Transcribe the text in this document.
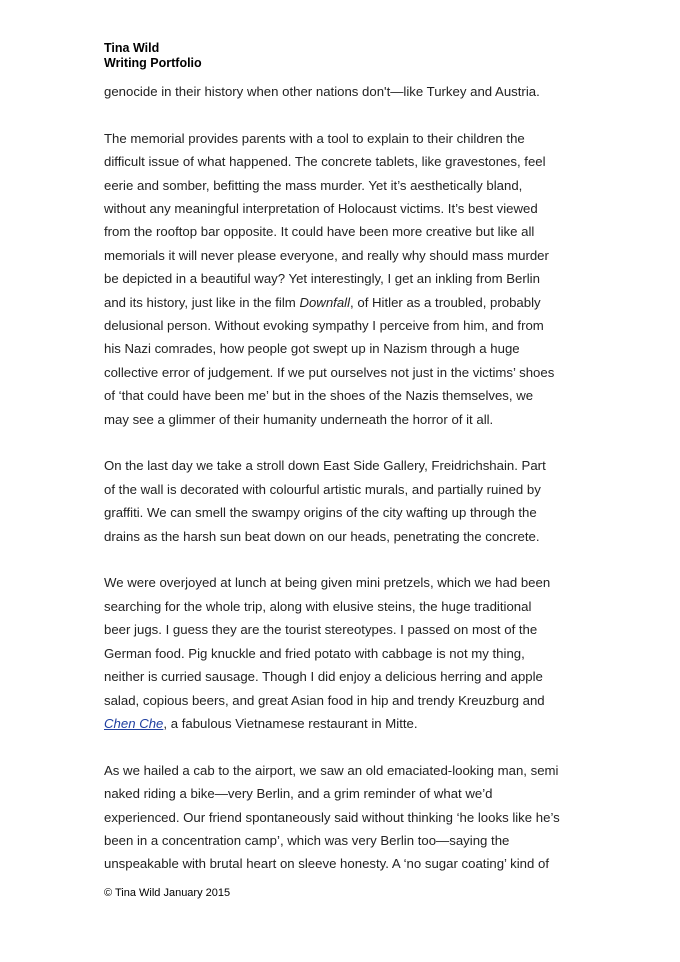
Tina Wild
Writing Portfolio

genocide in their history when other nations don't—like Turkey and Austria.

The memorial provides parents with a tool to explain to their children the
difficult issue of what happened. The concrete tablets, like gravestones, feel
eerie and somber, befitting the mass murder. Yet it’s aesthetically bland,
without any meaningful interpretation of Holocaust victims. It’s best viewed
from the rooftop bar opposite. It could have been more creative but like all
memorials it will never please everyone, and really why should mass murder
be depicted in a beautiful way? Yet interestingly, I get an inkling from Berlin
and its history, just like in the film Downfall, of Hitler as a troubled, probably
delusional person. Without evoking sympathy I perceive from him, and from
his Nazi comrades, how people got swept up in Nazism through a huge
collective error of judgement. If we put ourselves not just in the victims’ shoes
of ‘that could have been me’ but in the shoes of the Nazis themselves, we
may see a glimmer of their humanity underneath the horror of it all.

On the last day we take a stroll down East Side Gallery, Freidrichshain. Part
of the wall is decorated with colourful artistic murals, and partially ruined by
graffiti. We can smell the swampy origins of the city wafting up through the
drains as the harsh sun beat down on our heads, penetrating the concrete.

We were overjoyed at lunch at being given mini pretzels, which we had been
searching for the whole trip, along with elusive steins, the huge traditional
beer jugs. I guess they are the tourist stereotypes. I passed on most of the
German food. Pig knuckle and fried potato with cabbage is not my thing,
neither is curried sausage. Though I did enjoy a delicious herring and apple
salad, copious beers, and great Asian food in hip and trendy Kreuzburg and
Chen Che, a fabulous Vietnamese restaurant in Mitte.

As we hailed a cab to the airport, we saw an old emaciated-looking man, semi
naked riding a bike—very Berlin, and a grim reminder of what we’d
experienced. Our friend spontaneously said without thinking ‘he looks like he’s
been in a concentration camp’, which was very Berlin too—saying the
unspeakable with brutal heart on sleeve honesty. A ‘no sugar coating’ kind of

© Tina Wild January 2015
